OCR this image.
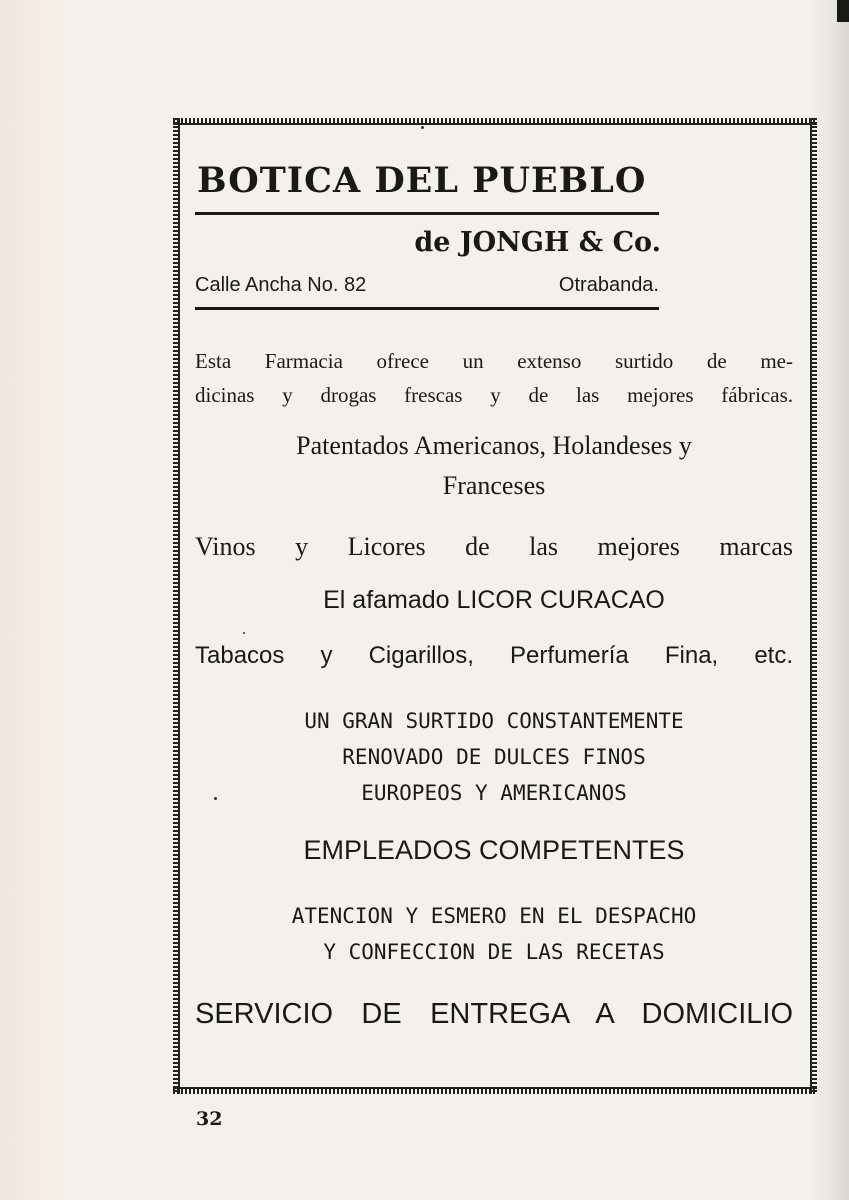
BOTICA DEL PUEBLO
de JONGH & Co.
Calle Ancha No. 82	Otrabanda.
Esta Farmacia ofrece un extenso surtido de me-
dicinas y drogas frescas y de las mejores fábricas.
Patentados Americanos, Holandeses y
Franceses
Vinos y Licores de las mejores marcas
El afamado LICOR CURACAO
Tabacos y Cigarillos, Perfumería Fina, etc.
UN GRAN SURTIDO CONSTANTEMENTE
RENOVADO DE DULCES FINOS
EUROPEOS Y AMERICANOS
EMPLEADOS COMPETENTES
ATENCION Y ESMERO EN EL DESPACHO
Y CONFECCION DE LAS RECETAS
SERVICIO DE ENTREGA A DOMICILIO
32
